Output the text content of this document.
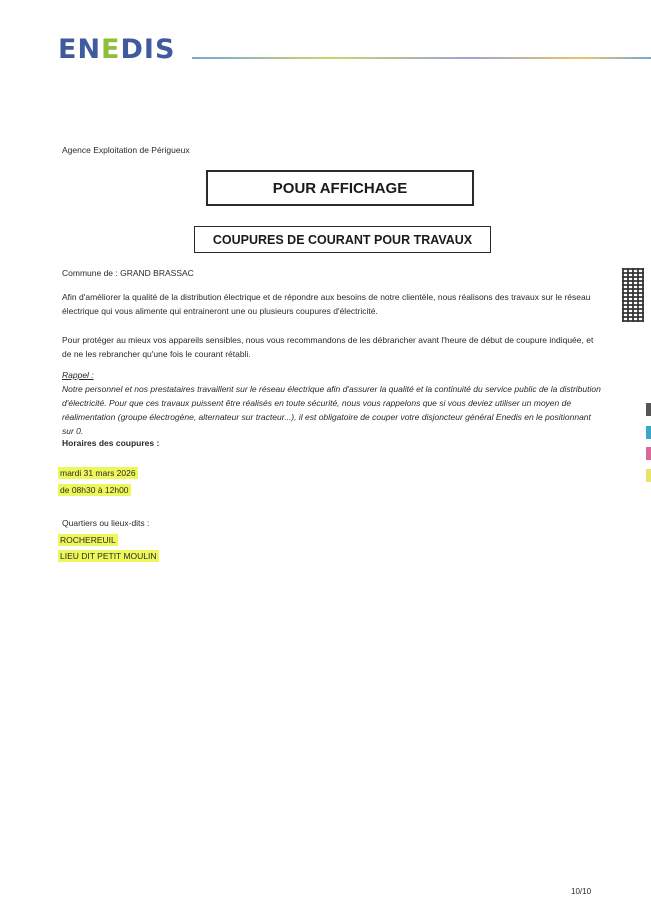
ENEDIS
Agence Exploitation de Périgueux
POUR AFFICHAGE
COUPURES DE COURANT POUR TRAVAUX
Commune de : GRAND BRASSAC
Afin d'améliorer la qualité de la distribution électrique et de répondre aux besoins de notre clientèle, nous réalisons des travaux sur le réseau électrique qui vous alimente qui entraineront une ou plusieurs coupures d'électricité.
Pour protéger au mieux vos appareils sensibles, nous vous recommandons de les débrancher avant l'heure de début de coupure indiquée, et de ne les rebrancher qu'une fois le courant rétabli.
Rappel :
Notre personnel et nos prestataires travaillent sur le réseau électrique afin d'assurer la qualité et la continuité du service public de la distribution d'électricité. Pour que ces travaux puissent être réalisés en toute sécurité, nous vous rappelons que si vous deviez utiliser un moyen de réalimentation (groupe électrogène, alternateur sur tracteur...), il est obligatoire de couper votre disjoncteur général Enedis en le positionnant sur 0.
Horaires des coupures :
mardi 31 mars 2026
de 08h30 à 12h00
Quartiers ou lieux-dits :
ROCHEREUIL
LIEU DIT PETIT MOULIN
10/10
